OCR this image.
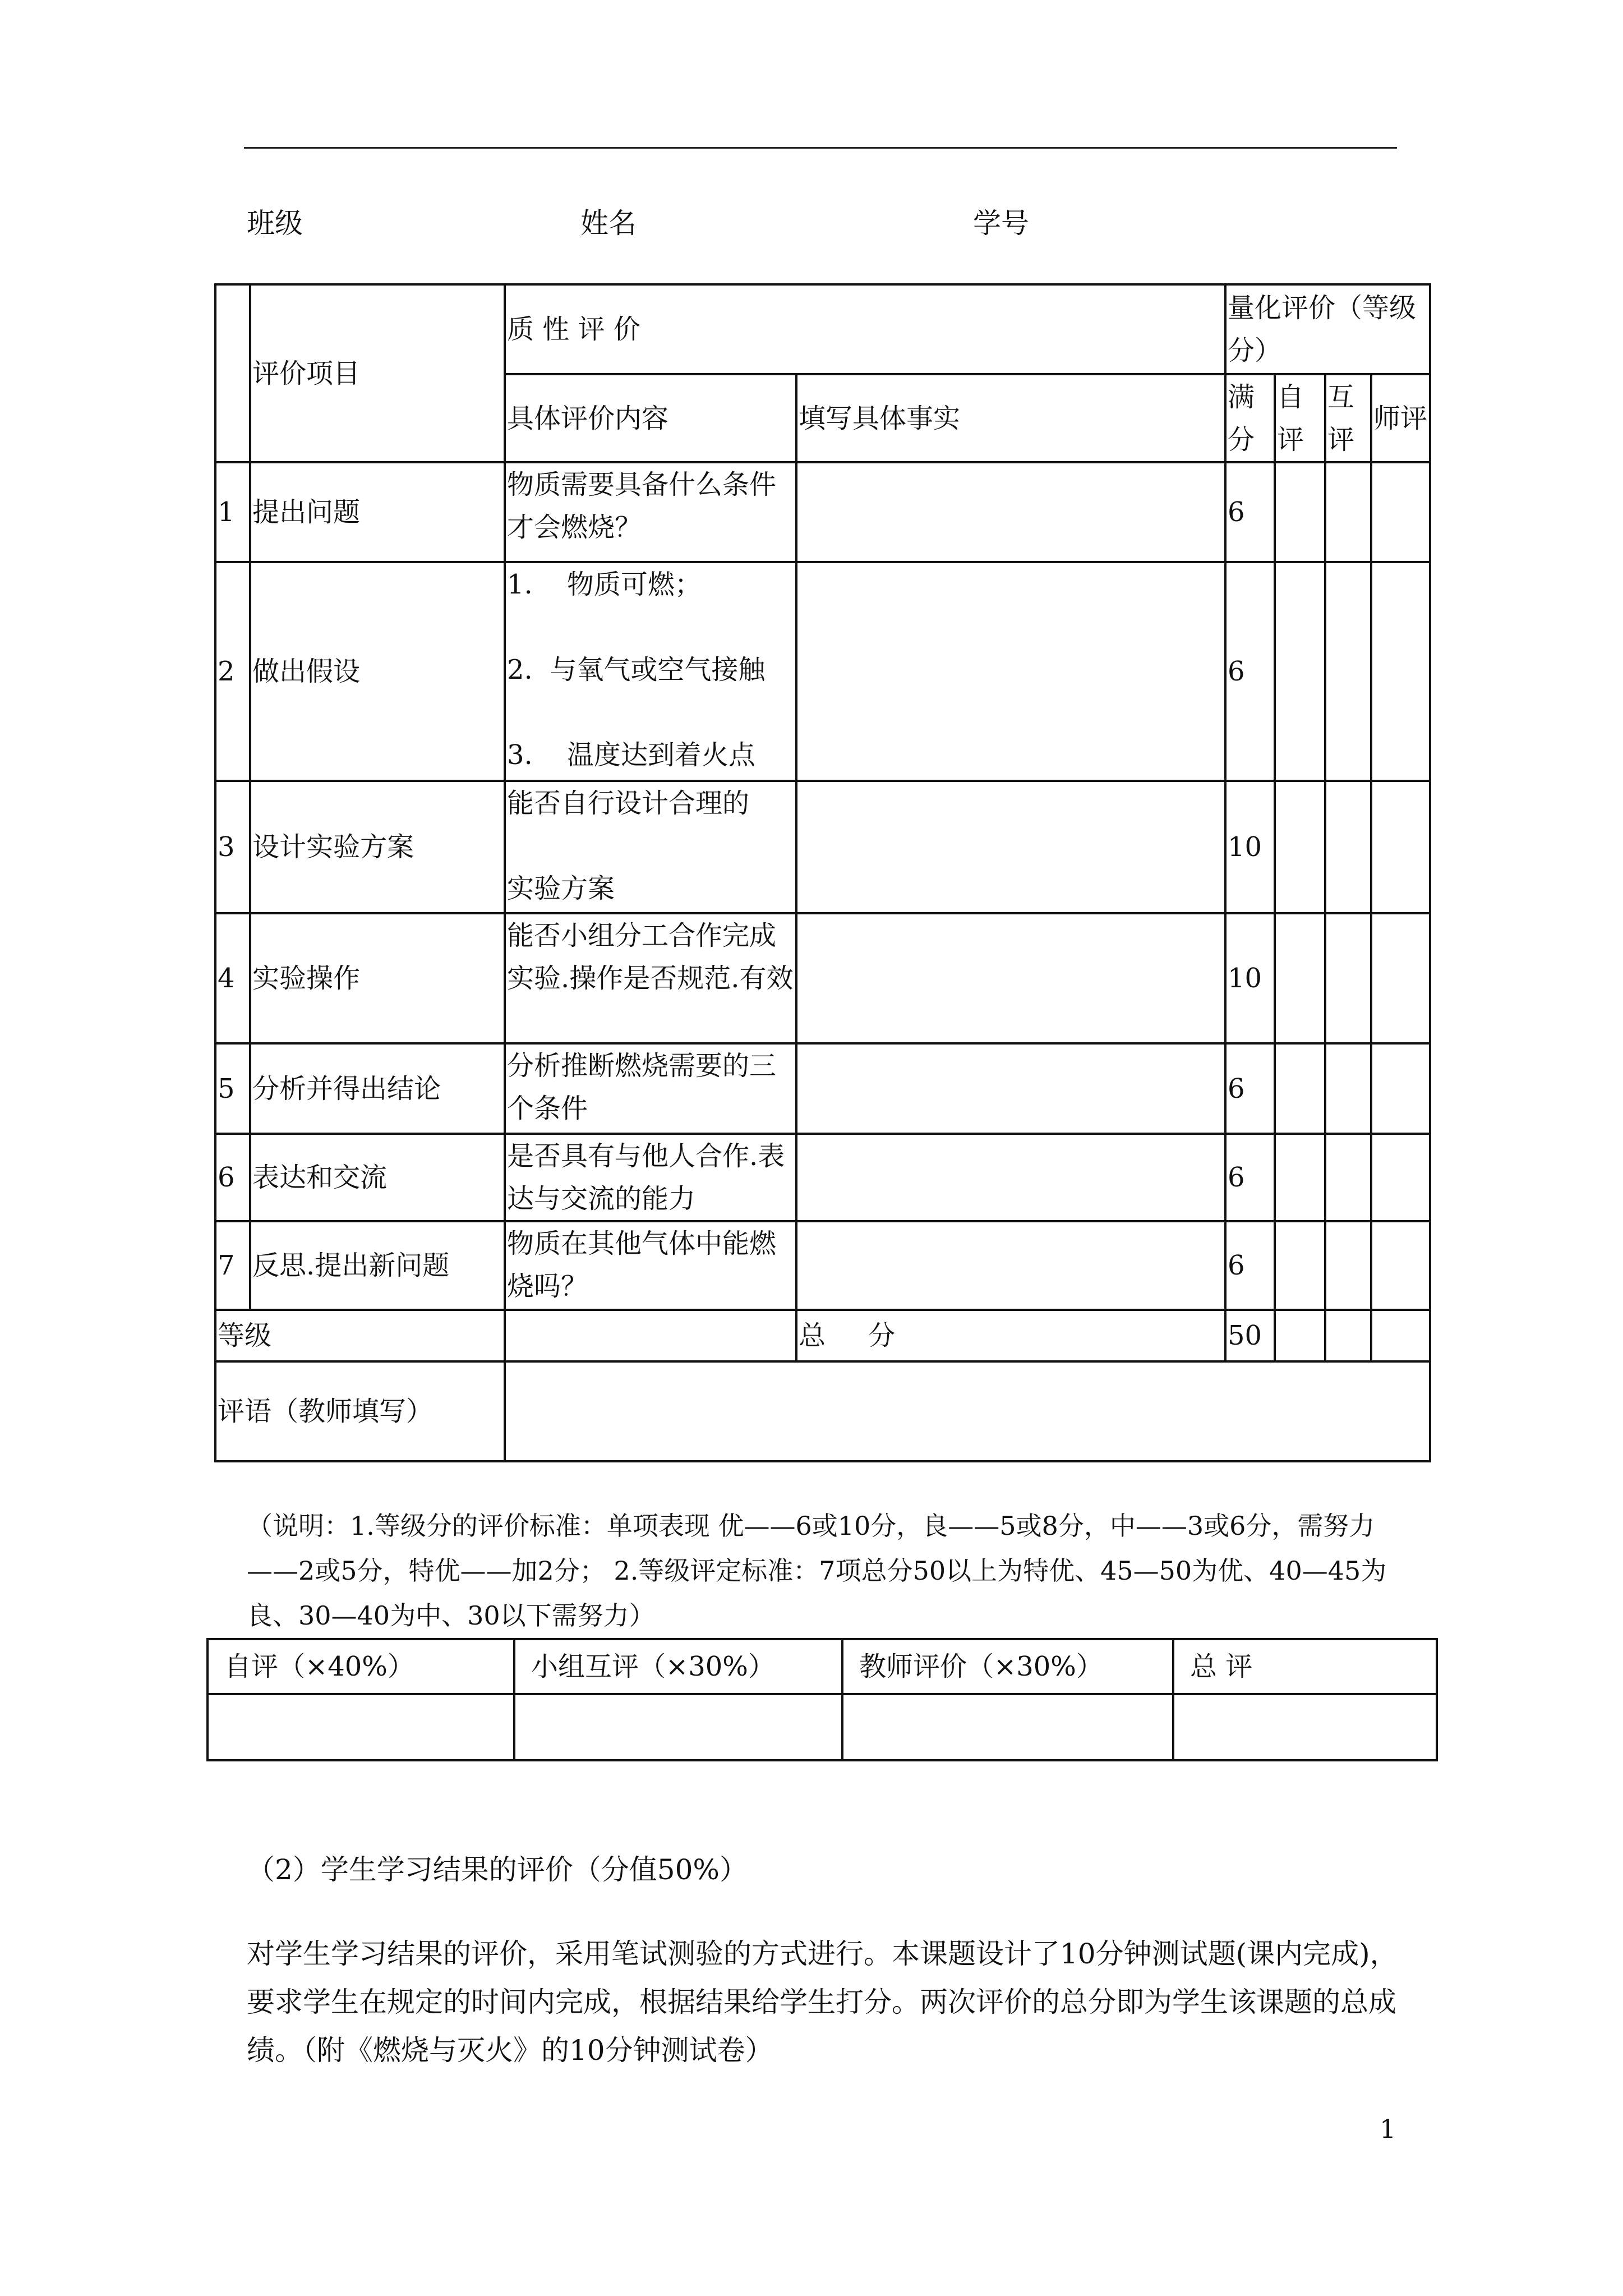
班级	姓名	学号
	评价项目	质 性 评 价		量化评价（等级分）			
		具体评价内容	填写具体事实	满分	自评	互评	师评
1	提出问题	物质需要具备什么条件才会燃烧？		6			
2	做出假设	1.    物质可燃；
2.  与氧气或空气接触
3.    温度达到着火点		6			
3	设计实验方案	能否自行设计合理的
实验方案		10			
4	实验操作	能否小组分工合作完成实验.操作是否规范.有效		10			
5	分析并得出结论	分析推断燃烧需要的三个条件		6			
6	表达和交流	是否具有与他人合作.表达与交流的能力		6			
7	反思.提出新问题	物质在其他气体中能燃烧吗？		6			
等级			总     分	50			
评语（教师填写）							
（说明：1.等级分的评价标准：单项表现 优——6或10分，良——5或8分，中——3或6分，需努力——2或5分，特优——加2分； 2.等级评定标准：7项总分50以上为特优、45—50为优、40—45为良、30—40为中、30以下需努力）
自评（×40%）	小组互评（×30%）	教师评价（×30%）	总 评

（2）学生学习结果的评价（分值50%）
对学生学习结果的评价，采用笔试测验的方式进行。本课题设计了10分钟测试题(课内完成)，要求学生在规定的时间内完成，根据结果给学生打分。两次评价的总分即为学生该课题的总成绩。（附《燃烧与灭火》的10分钟测试卷）
1
